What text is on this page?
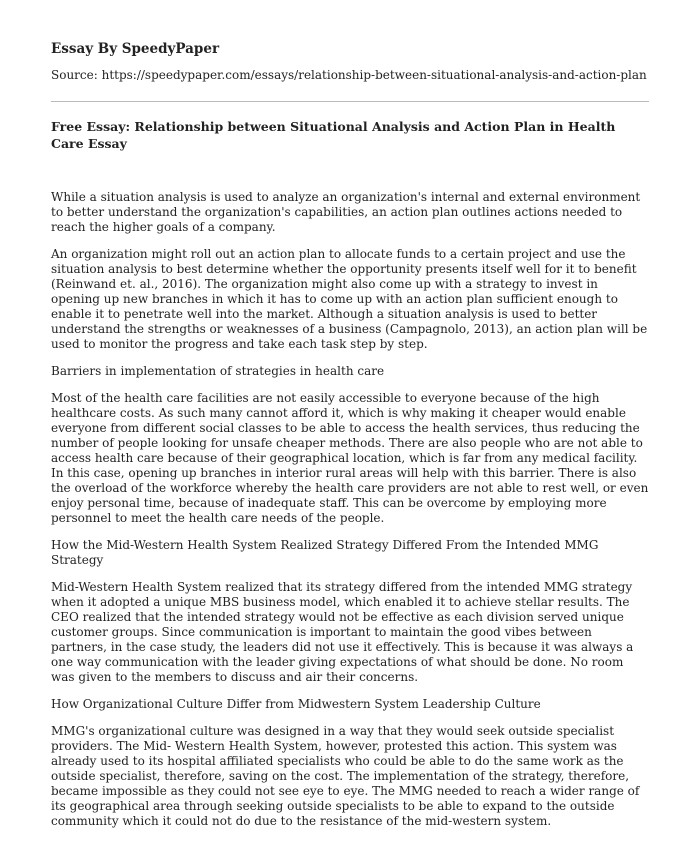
Essay By SpeedyPaper
Source: https://speedypaper.com/essays/relationship-between-situational-analysis-and-action-plan
Free Essay: Relationship between Situational Analysis and Action Plan in Health Care Essay

While a situation analysis is used to analyze an organization's internal and external environment to better understand the organization's capabilities, an action plan outlines actions needed to reach the higher goals of a company.

An organization might roll out an action plan to allocate funds to a certain project and use the situation analysis to best determine whether the opportunity presents itself well for it to benefit (Reinwand et. al., 2016). The organization might also come up with a strategy to invest in opening up new branches in which it has to come up with an action plan sufficient enough to enable it to penetrate well into the market. Although a situation analysis is used to better understand the strengths or weaknesses of a business (Campagnolo, 2013), an action plan will be used to monitor the progress and take each task step by step.

Barriers in implementation of strategies in health care

Most of the health care facilities are not easily accessible to everyone because of the high healthcare costs. As such many cannot afford it, which is why making it cheaper would enable everyone from different social classes to be able to access the health services, thus reducing the number of people looking for unsafe cheaper methods. There are also people who are not able to access health care because of their geographical location, which is far from any medical facility. In this case, opening up branches in interior rural areas will help with this barrier. There is also the overload of the workforce whereby the health care providers are not able to rest well, or even enjoy personal time, because of inadequate staff. This can be overcome by employing more personnel to meet the health care needs of the people.

How the Mid-Western Health System Realized Strategy Differed From the Intended MMG Strategy

Mid-Western Health System realized that its strategy differed from the intended MMG strategy when it adopted a unique MBS business model, which enabled it to achieve stellar results. The CEO realized that the intended strategy would not be effective as each division served unique customer groups. Since communication is important to maintain the good vibes between partners, in the case study, the leaders did not use it effectively. This is because it was always a one way communication with the leader giving expectations of what should be done. No room was given to the members to discuss and air their concerns.

How Organizational Culture Differ from Midwestern System Leadership Culture

MMG's organizational culture was designed in a way that they would seek outside specialist providers. The Mid- Western Health System, however, protested this action. This system was already used to its hospital affiliated specialists who could be able to do the same work as the outside specialist, therefore, saving on the cost. The implementation of the strategy, therefore, became impossible as they could not see eye to eye. The MMG needed to reach a wider range of its geographical area through seeking outside specialists to be able to expand to the outside community which it could not do due to the resistance of the mid-western system.
